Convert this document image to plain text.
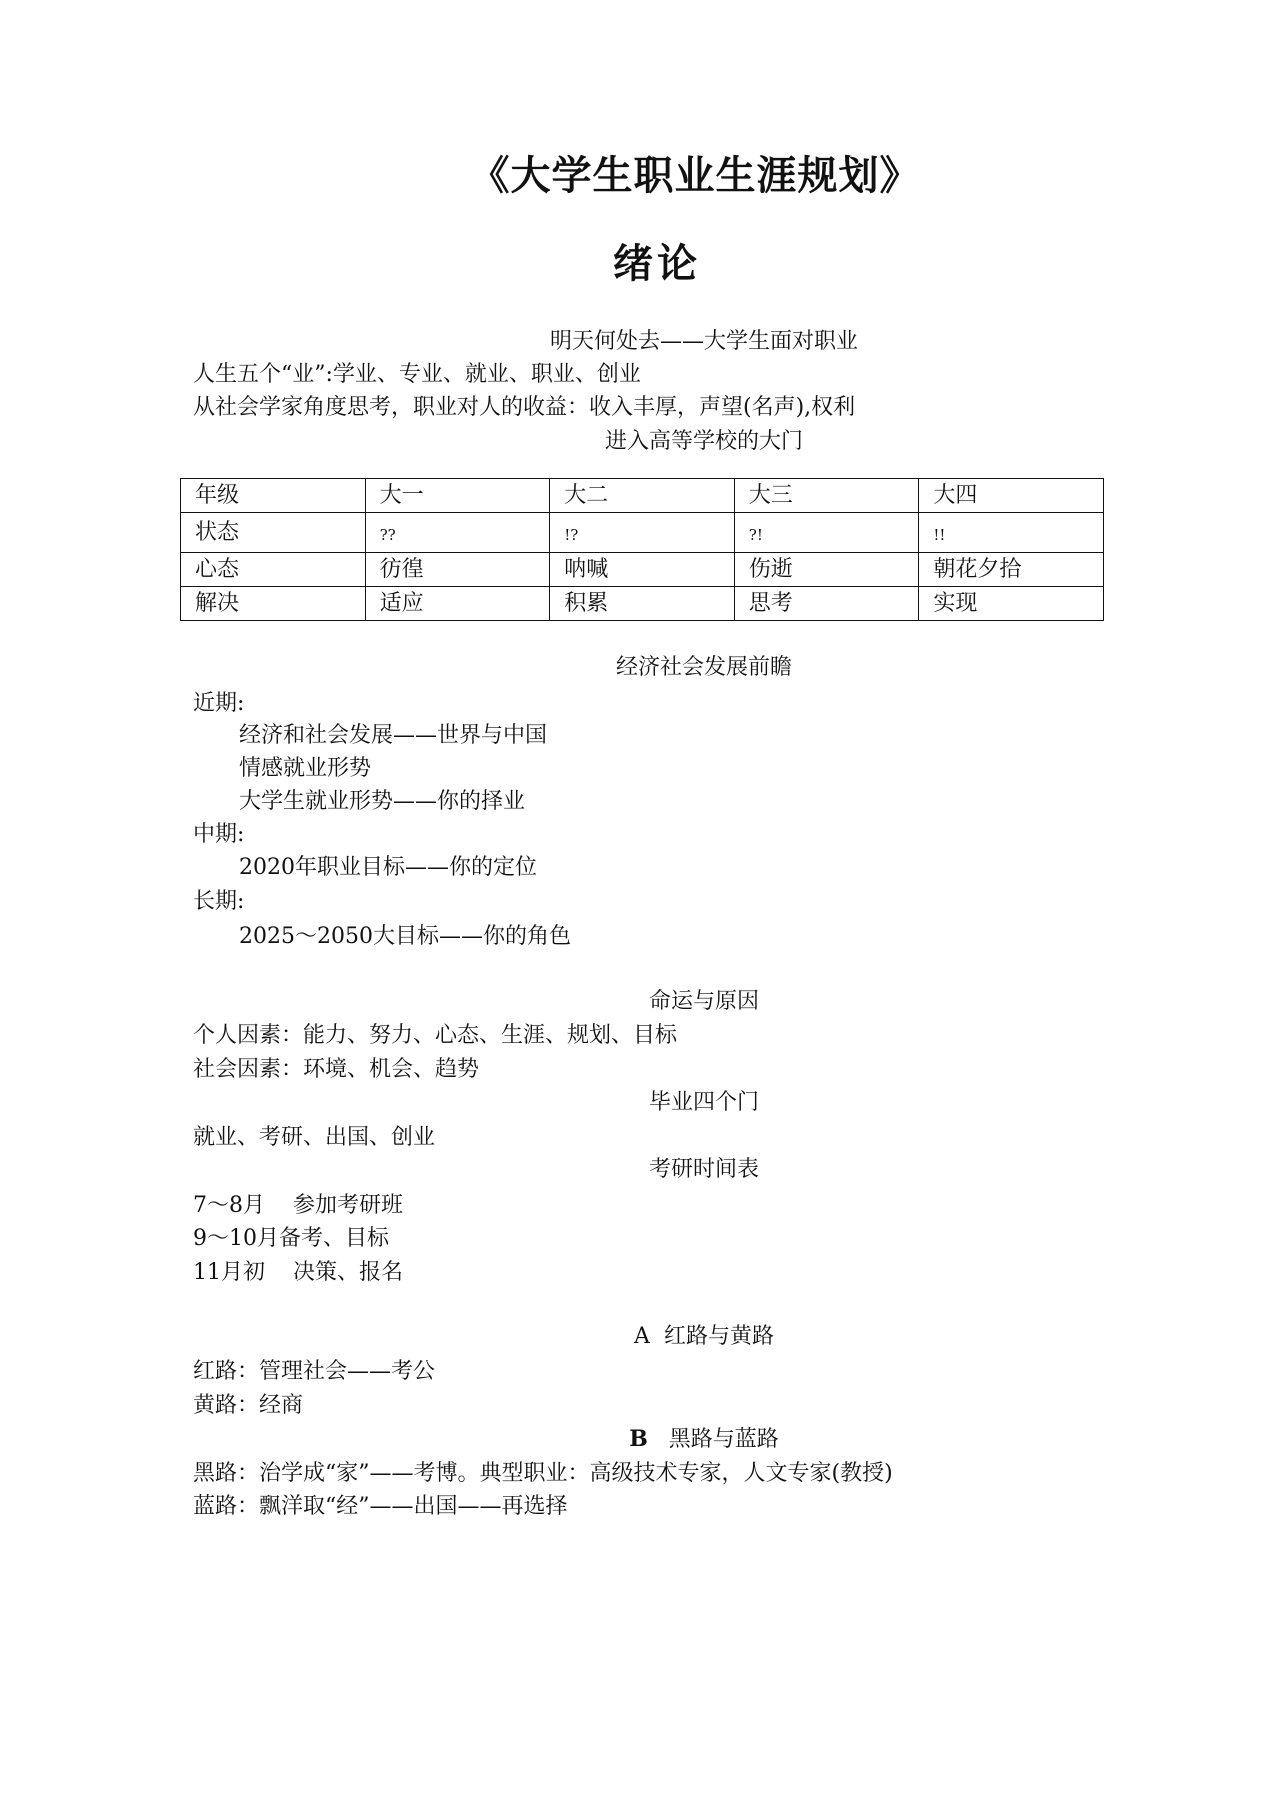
《大学生职业生涯规划》
绪论
明天何处去——大学生面对职业
人生五个“业”:学业、专业、就业、职业、创业
从社会学家角度思考，职业对人的收益：收入丰厚，声望(名声),权利
进入高等学校的大门
年级	大一	大二	大三	大四
状态	??	!?	?!	!!
心态	彷徨	呐喊	伤逝	朝花夕拾
解决	适应	积累	思考	实现
经济社会发展前瞻
近期:
经济和社会发展——世界与中国
情感就业形势
大学生就业形势——你的择业
中期:
2020年职业目标——你的定位
长期:
2025～2050大目标——你的角色
命运与原因
个人因素：能力、努力、心态、生涯、规划、目标
社会因素：环境、机会、趋势
毕业四个门
就业、考研、出国、创业
考研时间表
7～8月    参加考研班
9～10月备考、目标
11月初    决策、报名
A 红路与黄路
红路：管理社会——考公
黄路：经商
B 黑路与蓝路
黑路：治学成“家”——考博。典型职业：高级技术专家，人文专家(教授)
蓝路：飘洋取“经”——出国——再选择
